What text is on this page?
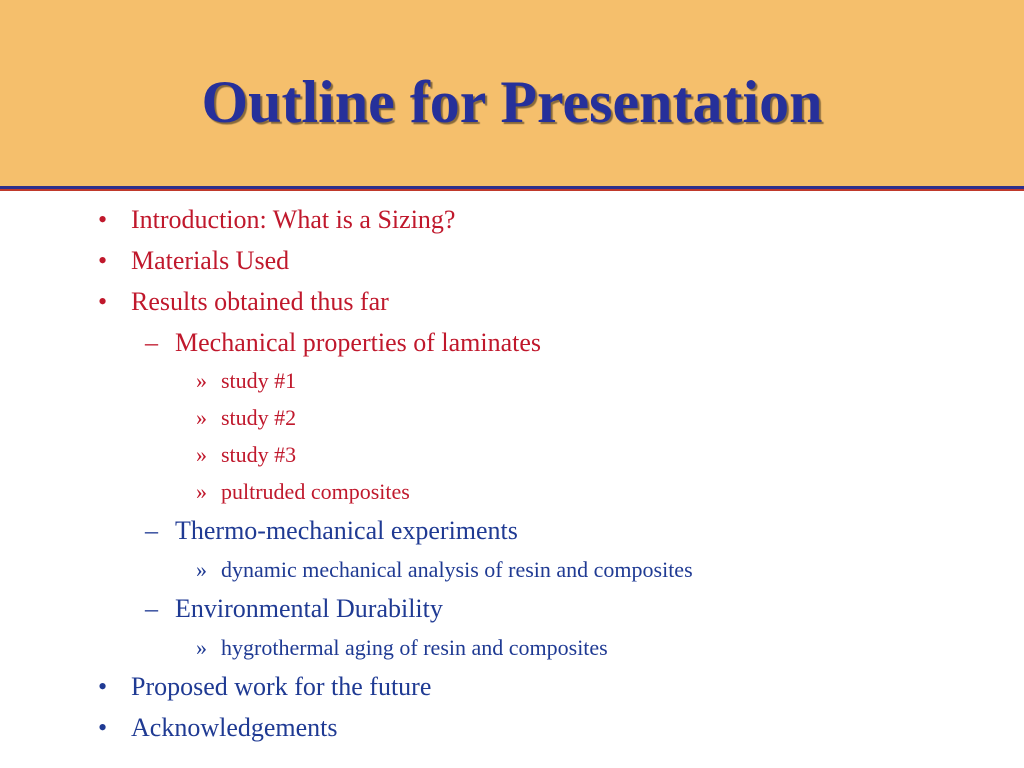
Outline for Presentation
• Introduction: What is a Sizing?
• Materials Used
• Results obtained thus far
– Mechanical properties of laminates
» study #1
» study #2
» study #3
» pultruded composites
– Thermo-mechanical experiments
» dynamic mechanical analysis of resin and composites
– Environmental Durability
» hygrothermal aging of resin and composites
• Proposed work for the future
• Acknowledgements
